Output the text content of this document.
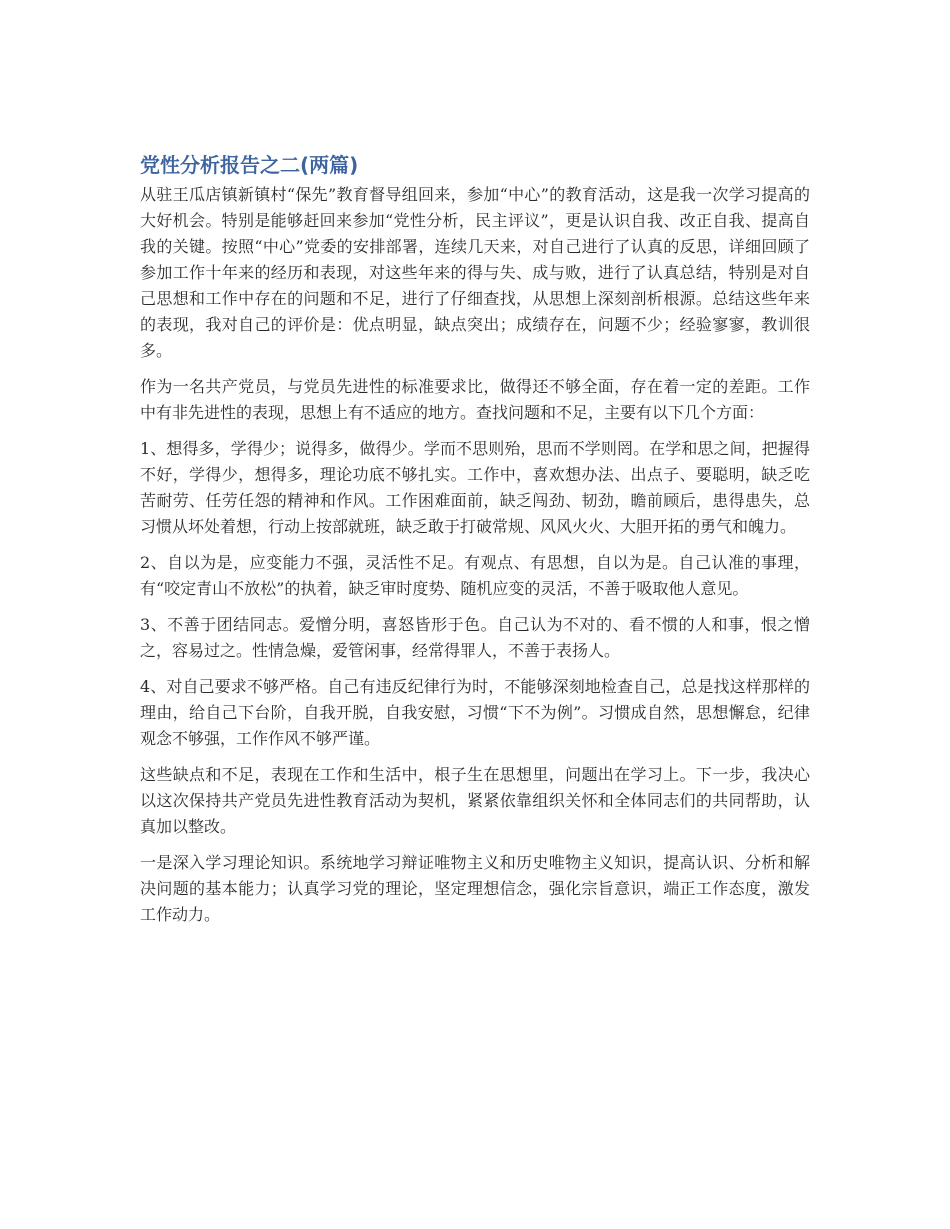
党性分析报告之二(两篇)

从驻王瓜店镇新镇村“保先”教育督导组回来，参加“中心”的教育活动，这是我一次学习提高的大好机会。特别是能够赶回来参加“党性分析，民主评议”，更是认识自我、改正自我、提高自我的关键。按照“中心”党委的安排部署，连续几天来，对自己进行了认真的反思，详细回顾了参加工作十年来的经历和表现，对这些年来的得与失、成与败，进行了认真总结，特别是对自己思想和工作中存在的问题和不足，进行了仔细查找，从思想上深刻剖析根源。总结这些年来的表现，我对自己的评价是：优点明显，缺点突出；成绩存在，问题不少；经验寥寥，教训很多。

作为一名共产党员，与党员先进性的标准要求比，做得还不够全面，存在着一定的差距。工作中有非先进性的表现，思想上有不适应的地方。查找问题和不足，主要有以下几个方面：

1、想得多，学得少；说得多，做得少。学而不思则殆，思而不学则罔。在学和思之间，把握得不好，学得少，想得多，理论功底不够扎实。工作中，喜欢想办法、出点子、要聪明，缺乏吃苦耐劳、任劳任怨的精神和作风。工作困难面前，缺乏闯劲、韧劲，瞻前顾后，患得患失，总习惯从坏处着想，行动上按部就班，缺乏敢于打破常规、风风火火、大胆开拓的勇气和魄力。

2、自以为是，应变能力不强，灵活性不足。有观点、有思想，自以为是。自己认准的事理，有“咬定青山不放松”的执着，缺乏审时度势、随机应变的灵活，不善于吸取他人意见。

3、不善于团结同志。爱憎分明，喜怒皆形于色。自己认为不对的、看不惯的人和事，恨之憎之，容易过之。性情急燥，爱管闲事，经常得罪人，不善于表扬人。

4、对自己要求不够严格。自己有违反纪律行为时，不能够深刻地检查自己，总是找这样那样的理由，给自己下台阶，自我开脱，自我安慰，习惯“下不为例”。习惯成自然，思想懈怠，纪律观念不够强，工作作风不够严谨。

这些缺点和不足，表现在工作和生活中，根子生在思想里，问题出在学习上。下一步，我决心以这次保持共产党员先进性教育活动为契机，紧紧依靠组织关怀和全体同志们的共同帮助，认真加以整改。

一是深入学习理论知识。系统地学习辩证唯物主义和历史唯物主义知识，提高认识、分析和解决问题的基本能力；认真学习党的理论，坚定理想信念，强化宗旨意识，端正工作态度，激发工作动力。
